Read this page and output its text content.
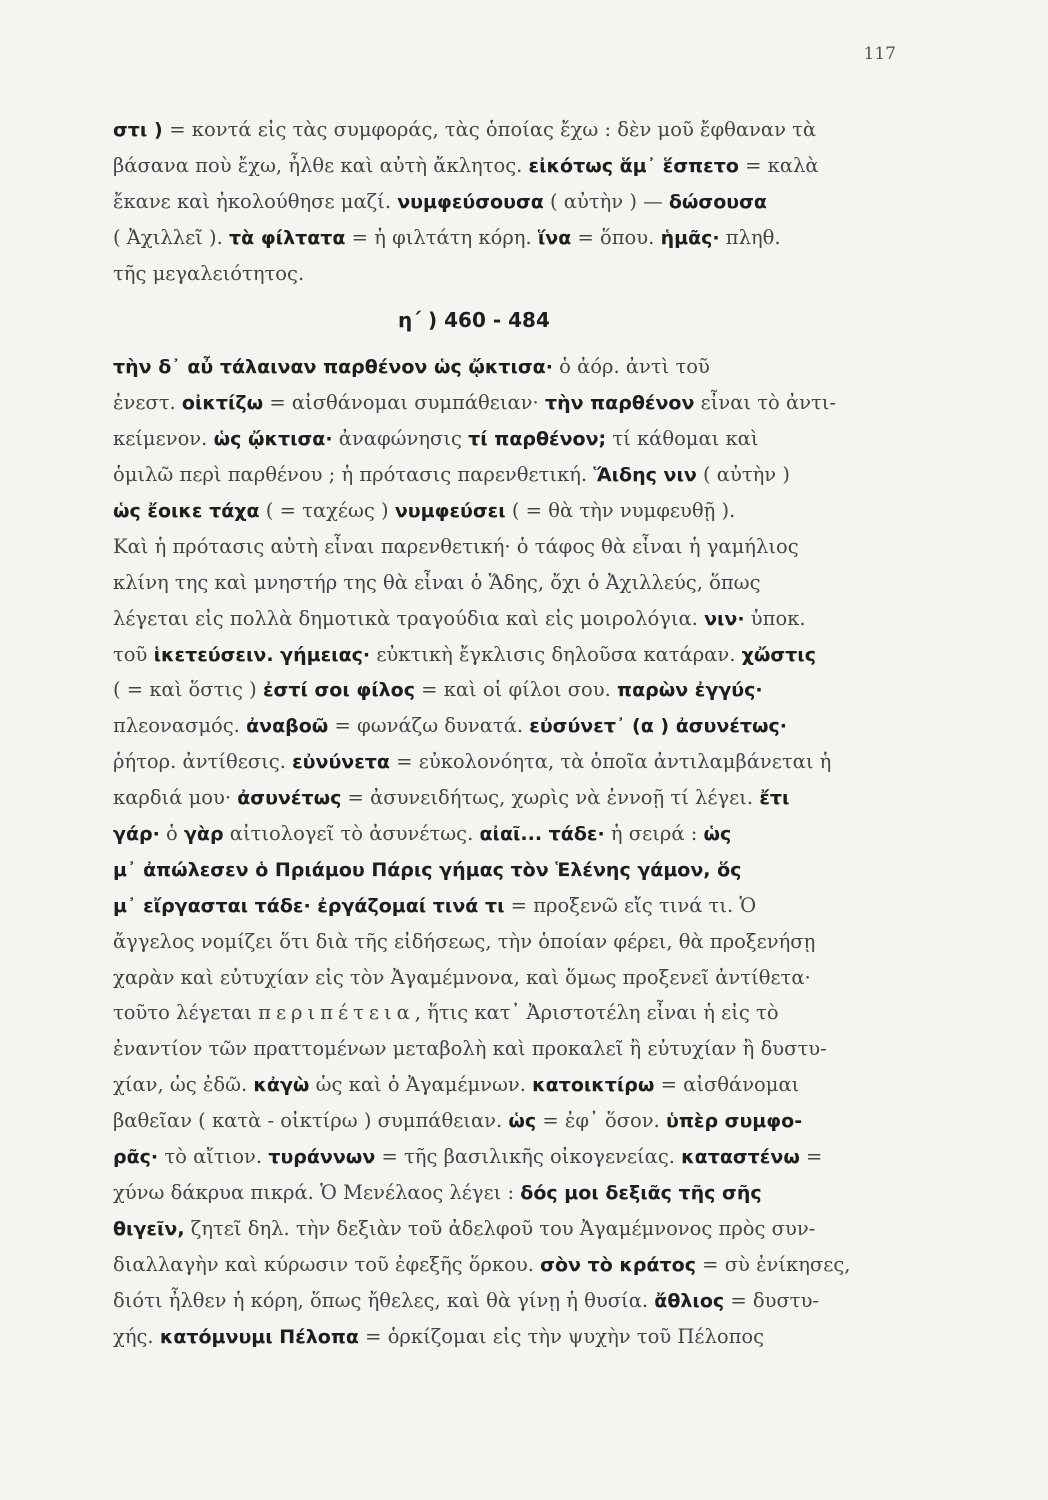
117
στι ) = κοντά εἰς τὰς συμφοράς, τὰς ὁποίας ἔχω : δὲν μοῦ ἔφθαναν τὰ
βάσανα ποὺ ἔχω, ἦλθε καὶ αὐτὴ ἄκλητος. εἰκότως ἅμ᾿ ἕσπετο = καλὰ
ἔκανε καὶ ἠκολούθησε μαζί. νυμφεύσουσα ( αὐτὴν ) — δώσουσα
( Ἀχιλλεῖ ). τὰ φίλτατα = ἡ φιλτάτη κόρη. ἵνα = ὅπου. ἡμᾶς· πληθ.
τῆς μεγαλειότητος.
η΄ ) 460 - 484
τὴν δ᾿ αὖ τάλαιναν παρθένον ὡς ᾤκτισα· ὁ ἀόρ. ἀντὶ τοῦ
ἐνεστ. οἰκτίζω = αἰσθάνομαι συμπάθειαν· τὴν παρθένον εἶναι τὸ ἀντι-
κείμενον. ὡς ᾤκτισα· ἀναφώνησις τί παρθένον; τί κάθομαι καὶ
ὁμιλῶ περὶ παρθένου ; ἡ πρότασις παρενθετική. Ἅιδης νιν ( αὐτὴν )
ὡς ἔοικε τάχα ( = ταχέως ) νυμφεύσει ( = θὰ τὴν νυμφευθῇ ).
Καὶ ἡ πρότασις αὐτὴ εἶναι παρενθετική· ὁ τάφος θὰ εἶναι ἡ γαμήλιος
κλίνη της καὶ μνηστήρ της θὰ εἶναι ὁ Ἅδης, ὄχι ὁ Ἀχιλλεύς, ὅπως
λέγεται εἰς πολλὰ δημοτικὰ τραγούδια καὶ εἰς μοιρολόγια. νιν· ὑποκ.
τοῦ ἱκετεύσειν. γήμειας· εὐκτικὴ ἔγκλισις δηλοῦσα κατάραν. χὤστις
( = καὶ ὅστις ) ἐστί σοι φίλος = καὶ οἱ φίλοι σου. παρὼν ἐγγύς·
πλεονασμός. ἀναβοῶ = φωνάζω δυνατά. εὐσύνετ᾿ (α ) ἀσυνέτως·
ῥήτορ. ἀντίθεσις. εὐνύνετα = εὐκολονόητα, τὰ ὁποῖα ἀντιλαμβάνεται ἡ
καρδιά μου· ἀσυνέτως = ἀσυνειδήτως, χωρὶς νὰ ἐννοῇ τί λέγει. ἔτι
γάρ· ὁ γὰρ αἰτιολογεῖ τὸ ἀσυνέτως. αἰαῖ... τάδε· ἡ σειρά : ὡς
μ᾿ ἀπώλεσεν ὁ Πριάμου Πάρις γήμας τὸν Ἑλένης γάμον, ὅς
μ᾿ εἴργασται τάδε· ἐργάζομαί τινά τι = προξενῶ εἴς τινά τι. Ὁ
ἄγγελος νομίζει ὅτι διὰ τῆς εἰδήσεως, τὴν ὁποίαν φέρει, θὰ προξενήσῃ
χαρὰν καὶ εὐτυχίαν εἰς τὸν Ἀγαμέμνονα, καὶ ὅμως προξενεῖ ἀντίθετα·
τοῦτο λέγεται περιπέτεια, ἥτις κατ᾿ Ἀριστοτέλη εἶναι ἡ εἰς τὸ
ἐναντίον τῶν πραττομένων μεταβολὴ καὶ προκαλεῖ ἢ εὐτυχίαν ἢ δυστυ-
χίαν, ὡς ἐδῶ. κἀγὼ ὡς καὶ ὁ Ἀγαμέμνων. κατοικτίρω = αἰσθάνομαι
βαθεῖαν ( κατὰ - οἰκτίρω ) συμπάθειαν. ὡς = ἐφ᾿ ὅσον. ὑπὲρ συμφο-
ρᾶς· τὸ αἴτιον. τυράννων = τῆς βασιλικῆς οἰκογενείας. καταστένω =
χύνω δάκρυα πικρά. Ὁ Μενέλαος λέγει : δός μοι δεξιᾶς τῆς σῆς
θιγεῖν, ζητεῖ δηλ. τὴν δεξιὰν τοῦ ἀδελφοῦ του Ἀγαμέμνονος πρὸς συν-
διαλλαγὴν καὶ κύρωσιν τοῦ ἐφεξῆς ὅρκου. σὸν τὸ κράτος = σὺ ἐνίκησες,
διότι ἦλθεν ἡ κόρη, ὅπως ἤθελες, καὶ θὰ γίνῃ ἡ θυσία. ἄθλιος = δυστυ-
χής. κατόμνυμι Πέλοπα = ὁρκίζομαι εἰς τὴν ψυχὴν τοῦ Πέλοπος
